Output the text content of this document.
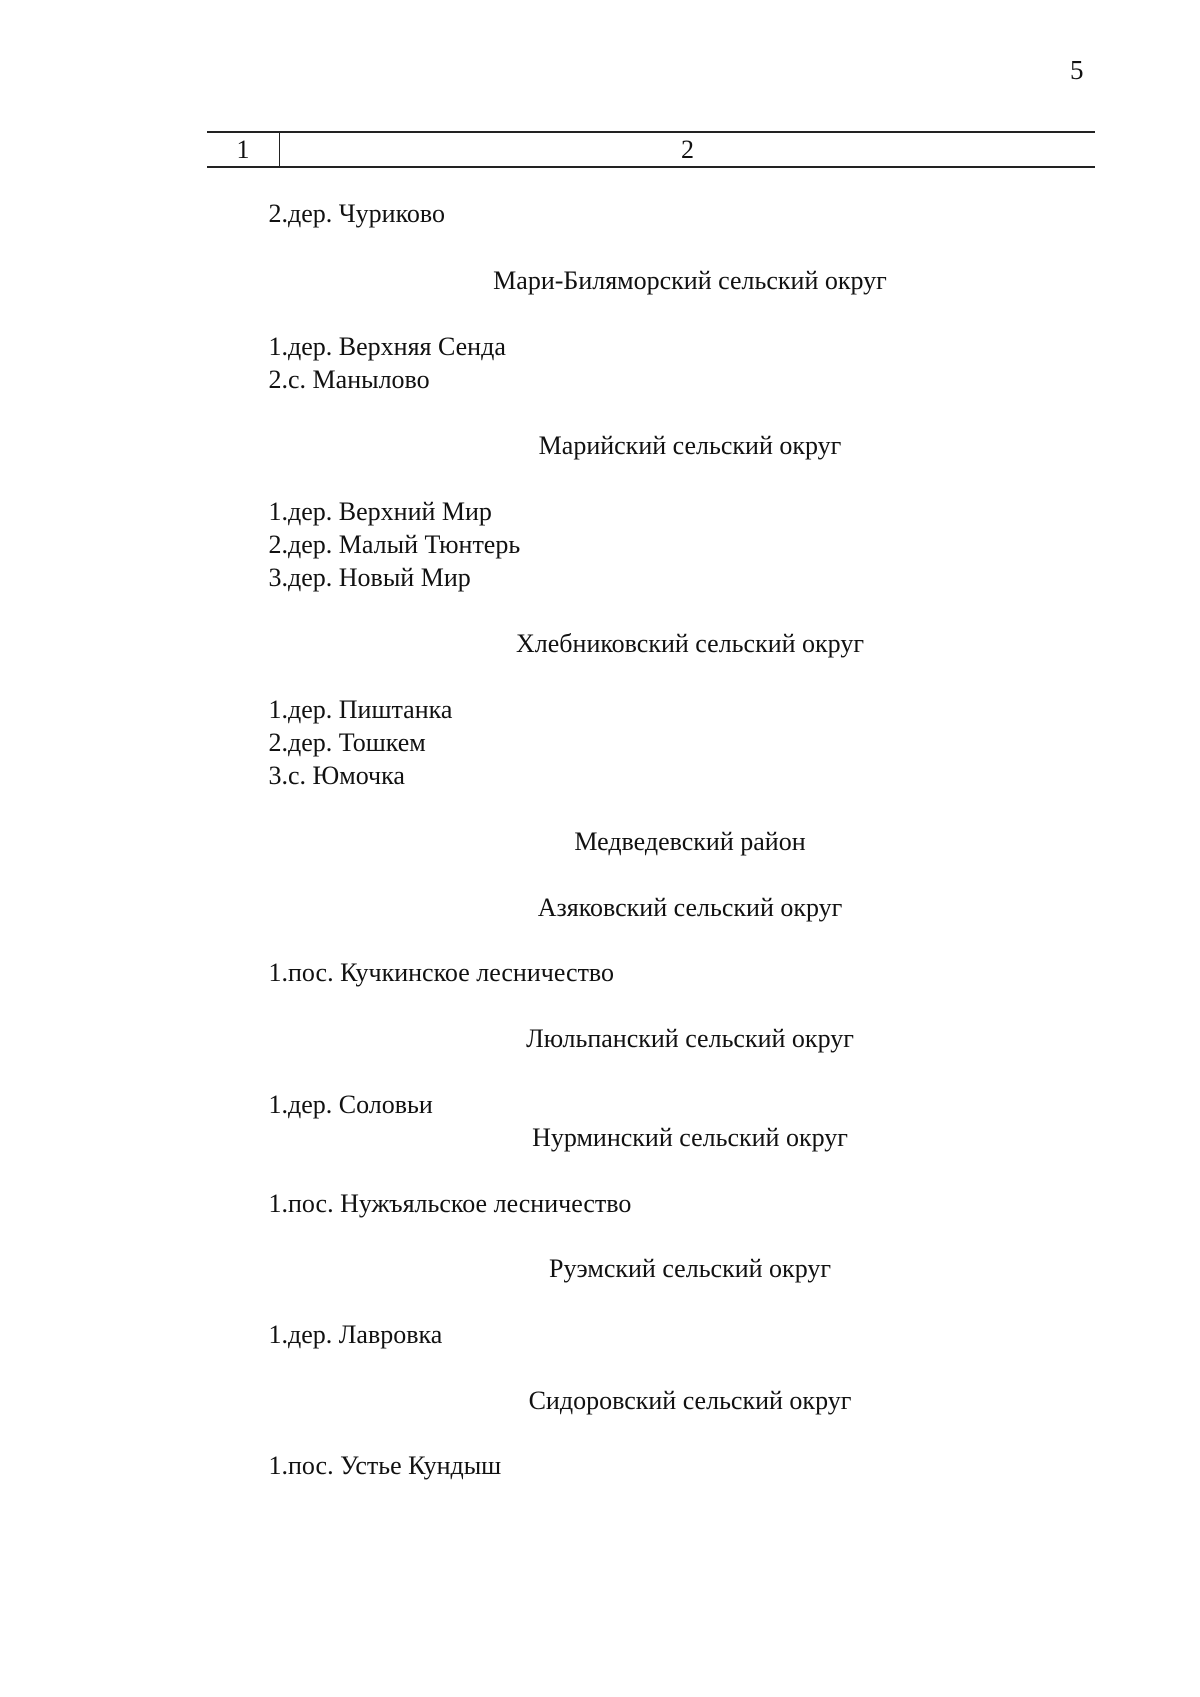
5
1	2
2. дер. Чуриково
Мари-Биляморский сельский округ
1. дер. Верхняя Сенда
2. с. Манылово
Марийский сельский округ
1. дер. Верхний Мир
2. дер. Малый Тюнтерь
3. дер. Новый Мир
Хлебниковский сельский округ
1. дер. Пиштанка
2. дер. Тошкем
3. с. Юмочка
Медведевский район
Азяковский сельский округ
1. пос. Кучкинское лесничество
Люльпанский сельский округ
1. дер. Соловьи
Нурминский сельский округ
1. пос. Нужъяльское лесничество
Руэмский сельский округ
1. дер. Лавровка
Сидоровский сельский округ
1. пос. Устье Кундыш
